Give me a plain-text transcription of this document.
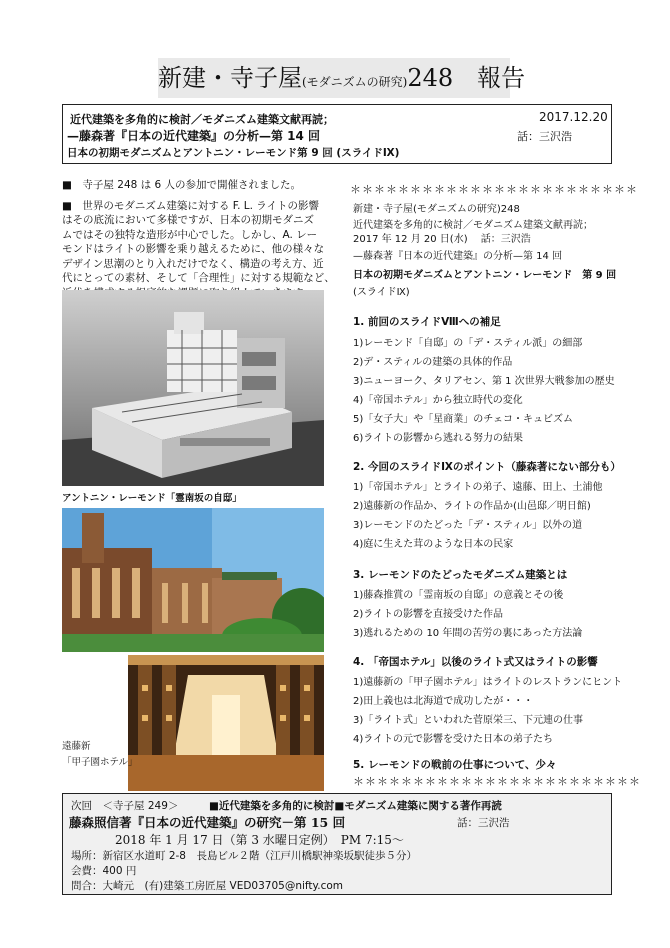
新建・寺子屋(モダニズムの研究)248　報告
近代建築を多角的に検討／モダニズム建築文献再読；	2017.12.20
—藤森著『日本の近代建築』の分析—第 14 回	話：三沢浩
日本の初期モダニズムとアントニン・レーモンド第 9 回 (スライドⅨ)
■　寺子屋 248 は 6 人の参加で開催されました。
■　世界のモダニズム建築に対する F. L. ライトの影響
はその底流において多様ですが、日本の初期モダニズ
ムではその独特な造形が中心でした。しかし、A. レー
モンドはライトの影響を乗り越えるために、他の様々な
デザイン思潮のとり入れだけでなく、構造の考え方、近
代にとっての素材、そして「合理性」に対する規範など、
アントニン・レーモンド「霊南坂の自邸」
遠藤新
「甲子園ホテル」
＊＊＊＊＊＊＊＊＊＊＊＊＊＊＊＊＊＊＊＊＊＊＊＊
新建・寺子屋(モダニズムの研究)248
近代建築を多角的に検討／モダニズム建築文献再読；
2017 年 12 月 20 日(水)　 話：三沢浩
—藤森著『日本の近代建築』の分析—第 14 回
日本の初期モダニズムとアントニン・レーモンド　第 9 回
(スライドⅨ)
1. 前回のスライドⅧへの補足
1)レーモンド「自邸」の「デ・スティル派」の細部
2)デ・スティルの建築の具体的作品
3)ニューヨーク、タリアセン、第 1 次世界大戦参加の歴史
4)「帝国ホテル」から独立時代の変化
5)「女子大」や「星商業」のチェコ・キュビズム
6)ライトの影響から逃れる努力の結果
2. 今回のスライドⅨのポイント（藤森著にない部分も）
1)「帝国ホテル」とライトの弟子、遠藤、田上、土浦他
2)遠藤新の作品か、ライトの作品か(山邑邸／明日館)
3)レーモンドのたどった「デ・スティル」以外の道
4)庭に生えた茸のような日本の民家
3. レーモンドのたどったモダニズム建築とは
1)藤森推賞の「霊南坂の自邸」の意義とその後
2)ライトの影響を直接受けた作品
3)逃れるための 10 年間の苦労の裏にあった方法論
4. 「帝国ホテル」以後のライト式又はライトの影響
1)遠藤新の「甲子園ホテル」はライトのレストランにヒント
2)田上義也は北海道で成功したが・・・
3)「ライト式」といわれた菅原栄三、下元連の仕事
4)ライトの元で影響を受けた日本の弟子たち
5. レーモンドの戦前の仕事について、少々
＊＊＊＊＊＊＊＊＊＊＊＊＊＊＊＊＊＊＊＊＊＊＊＊
次回　＜寺子屋 249＞	■近代建築を多角的に検討■モダニズム建築に関する著作再読
藤森照信著『日本の近代建築』の研究－第 15 回	話：三沢浩
2018 年 1 月 17 日（第 3 水曜日定例）　PM 7:15～
場所：新宿区水道町 2-8　長島ビル２階（江戸川橋駅神楽坂駅徒歩５分）
会費：400 円
問合：大崎元　(有)建築工房匠屋 VED03705@nifty.com
